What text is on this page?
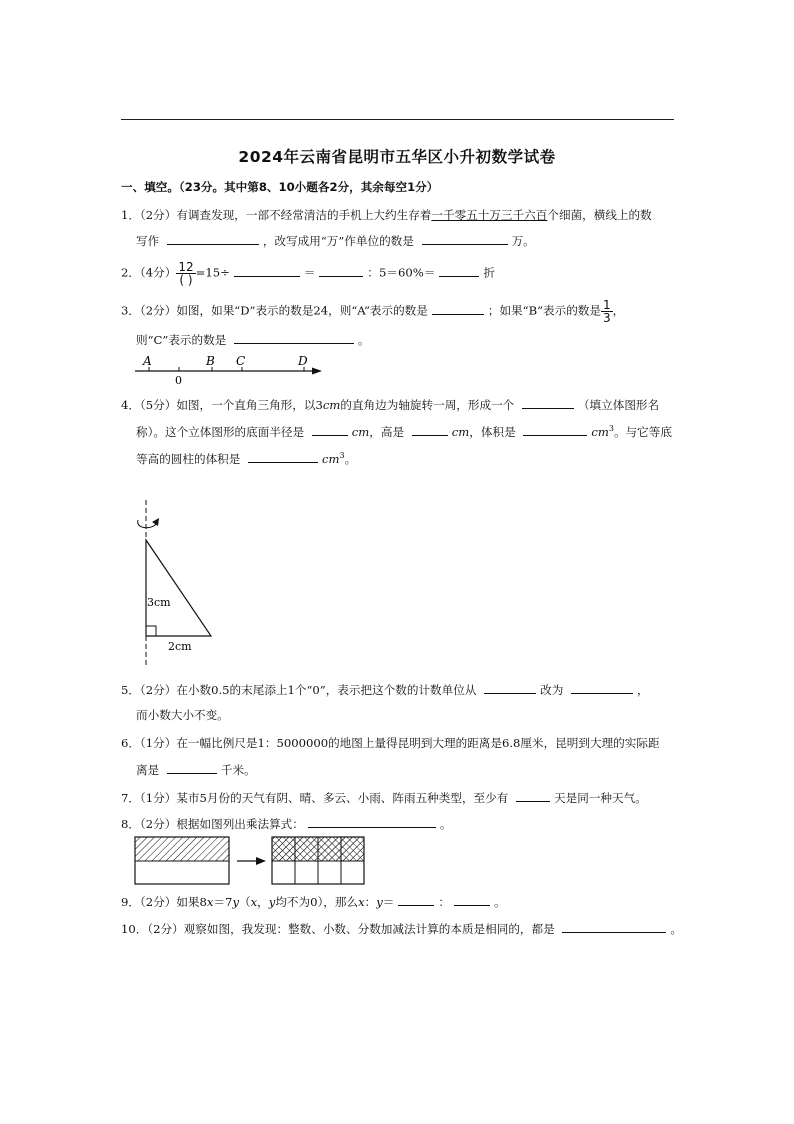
2024年云南省昆明市五华区小升初数学试卷
一、填空。（23分。其中第8、10小题各2分，其余每空1分）
1．（2分）有调查发现，一部不经常清洁的手机上大约生存着一千零五十万三千六百个细菌，横线上的数
写作	，改写成用“万”作单位的数是	万。
2．（4分） $\frac{12}{( )} =15\div$	＝	：5＝60%＝	折
3．（2分）如图，如果“D”表示的数是24，则“A”表示的数是	；如果“B”表示的数是 $\frac{1}{3}$ ，
则“C”表示的数是	。
A	B C	D
0
4．（5分）如图，一个直角三角形，以3cm的直角边为轴旋转一周，形成一个	（填立体图形名
称）。这个立体图形的底面半径是	cm，高是	cm，体积是	$cm^3$。与它等底
等高的圆柱的体积是	$cm^3$。
3cm
2cm
5．（2分）在小数0.5的末尾添上1个“0”，表示把这个数的计数单位从	改为	，
而小数大小不变。
6．（1分）在一幅比例尺是1：5000000的地图上量得昆明到大理的距离是6.8厘米，昆明到大理的实际距
离是	千米。
7．（1分）某市5月份的天气有阴、晴、多云、小雨、阵雨五种类型，至少有	天是同一种天气。
8．（2分）根据如图列出乘法算式：	。
9．（2分）如果8x＝7y（x，y均不为0），那么x：y＝	：	。
10．（2分）观察如图，我发现：整数、小数、分数加减法计算的本质是相同的，都是	。
